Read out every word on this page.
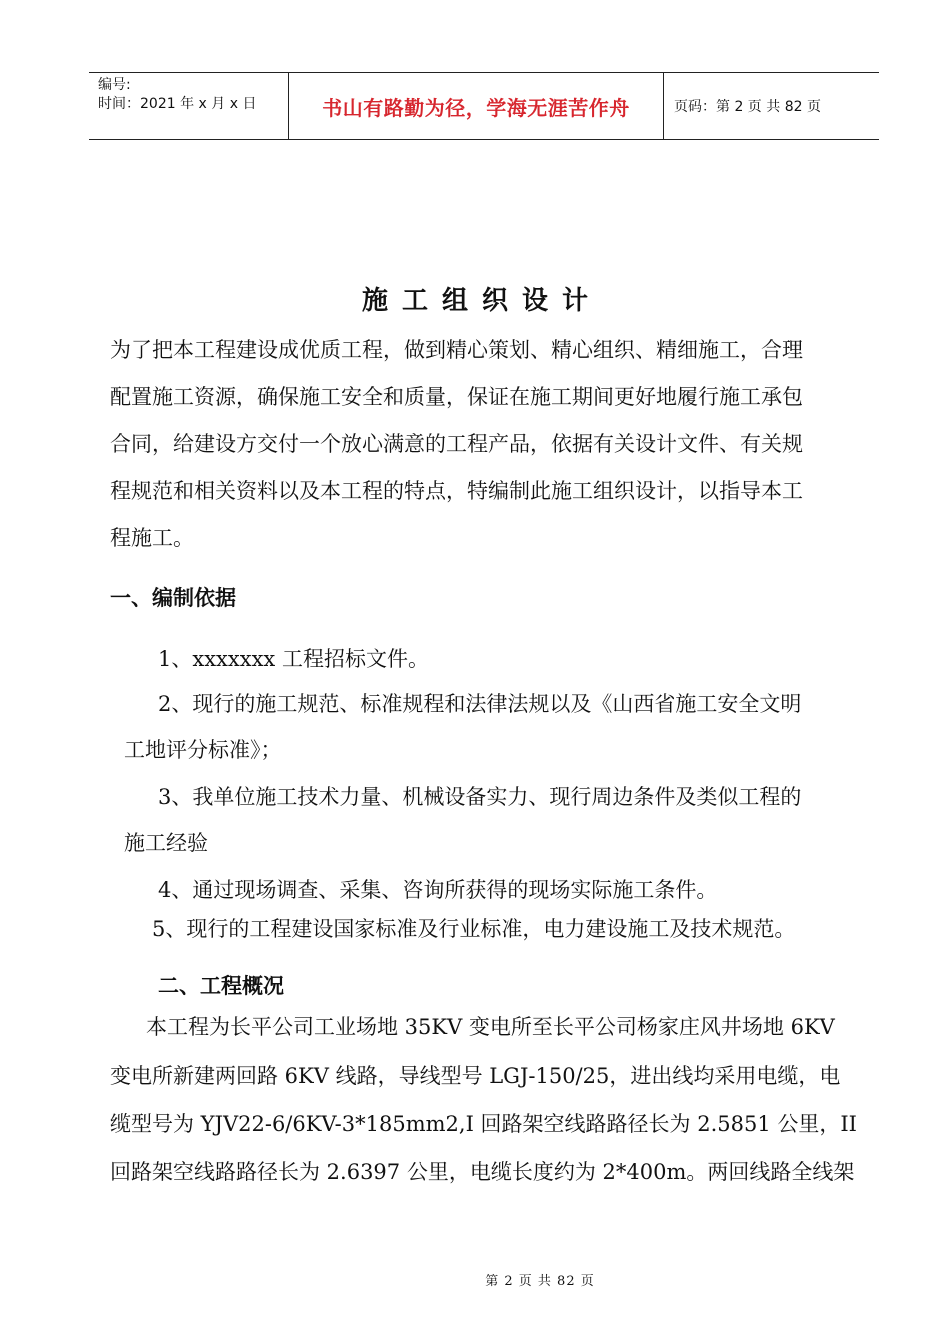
编号:
时间：2021 年 x 月 x 日	书山有路勤为径，学海无涯苦作舟	页码：第 2 页 共 82 页
施工组织设计
为了把本工程建设成优质工程，做到精心策划、精心组织、精细施工，合理
配置施工资源，确保施工安全和质量，保证在施工期间更好地履行施工承包
合同，给建设方交付一个放心满意的工程产品，依据有关设计文件、有关规
程规范和相关资料以及本工程的特点，特编制此施工组织设计，以指导本工
程施工。
一、编制依据
1、xxxxxxx 工程招标文件。
2、现行的施工规范、标准规程和法律法规以及《山西省施工安全文明
工地评分标准》；
3、我单位施工技术力量、机械设备实力、现行周边条件及类似工程的
施工经验
4、通过现场调查、采集、咨询所获得的现场实际施工条件。
5、现行的工程建设国家标准及行业标准，电力建设施工及技术规范。
二、工程概况
本工程为长平公司工业场地 35KV 变电所至长平公司杨家庄风井场地 6KV
变电所新建两回路 6KV 线路，导线型号 LGJ-150/25，进出线均采用电缆，电
缆型号为 YJV22-6/6KV-3*185mm2,I 回路架空线路路径长为 2.5851 公里，II
回路架空线路路径长为 2.6397 公里，电缆长度约为 2*400m。两回线路全线架
第 2 页 共 82 页
